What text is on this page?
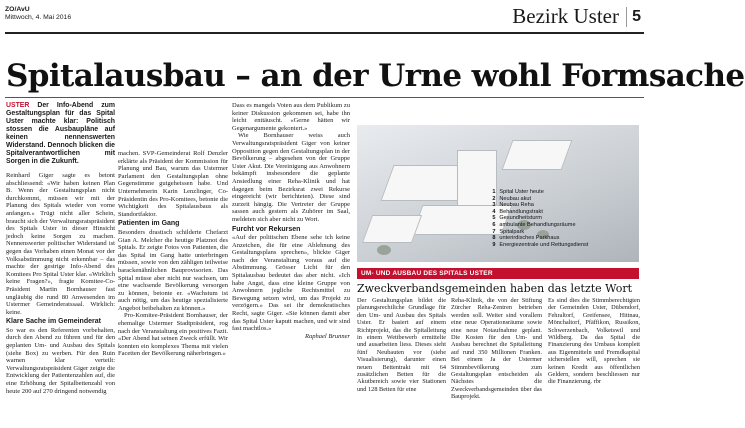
ZO/AvU
Mittwoch, 4. Mai 2016	Bezirk Uster 5
Spitalausbau – an der Urne wohl Formsache

USTER Der Info-Abend zum Gestaltungsplan für das Spital Uster machte klar: Politisch stossen die Ausbaupläne auf keinen nennenswerten Widerstand. Dennoch blicken die Spitalverantwortlichen mit Sorgen in die Zukunft.

Reinhard Giger sagte es betont abschliessend: «Wir haben keinen Plan B. Wenn der Gestaltungsplan nicht durchkommt, müssen wir mit der Planung des Spitals wieder von vorne anfangen.» Trügt nicht aller Schein, braucht sich der Verwaltungsratspräsident des Spitals Uster in dieser Hinsicht jedoch keine Sorgen zu machen. Nennenswerter politischer Widerstand ist gegen das Vorhaben einen Monat vor der Volksabstimmung nicht erkennbar – das machte der gestrige Info-Abend des Komitees Pro Spital Uster klar. «Wirklich keine Fragen?», fragte Komitee-Co-Präsident Martin Bornhauser fast ungläubig die rund 80 Anwesenden im Ustermer Gemeinderatssaal. Wirklich: keine.

Klare Sache im Gemeinderat

So war es den Referenten vorbehalten, durch den Abend zu führen und für den geplanten Um- und Ausbau des Spitals (siehe Box) zu werben. Für den Ruin warnen klar verteilt: Verwaltungsratspräsident Giger zeigte die Entwicklung der Patientenzahlen auf, die eine Erhöhung der Spitalbettenzahl von heute 200 auf 270 dringend notwendig

machen. SVP-Gemeinderat Rolf Denzler erklärte als Präsident der Kommission für Planung und Bau, warum das Ustermer Parlament den Gestaltungsplan ohne Gegenstimme gutgeheissen habe. Und Unternehmerin Karin Lenzlinger, Co-Präsidentin des Pro-Komitees, betonte die Wichtigkeit des Spitalausbaus als Standortfaktor.

Patienten im Gang

Besonders drastisch schilderte Chefarzt Gian A. Melcher die heutige Platznot des Spitals. Er zeigte Fotos von Patienten, die das Spital im Gang hatte unterbringen müssen, sowie von den zähligen teilweise barackenähnlichen Bauprovisorien. Das Spital müsse aber nicht nur wachsen, um eine wachsende Bevölkerung versorgen zu können, betonte er. «Wachstum ist auch nötig, um das heutige spezialisierte Angebot beibehalten zu können.»

Pro-Komitee-Präsident Bornhauser, der ehemalige Ustermer Stadtpräsident, rog nach der Veranstaltung ein positives Fazit. «Der Abend hat seinen Zweck erfüllt. Wir konnten ein komplexes Thema mit vielen Facetten der Bevölkerung näherbringen.»

Dass es mangels Voten aus dem Publikum zu keiner Diskussion gekommen sei, habe ihn leicht enttäuscht. «Gerne hätten wir Gegenargumente gekontert.»

Wie Bornhauser weiss auch Verwaltungsratspräsident Giger von keiner Opposition gegen den Gestaltungsplan in der Bevölkerung – abgesehen von der Gruppe Uster Akut. Die Vereinigung aus Anwohnern bekämpft insbesondere die geplante Ansiedlung einer Reha-Klinik und hat dagegen beim Bezirksrat zwei Rekurse eingereicht (wir berichteten). Diese sind zurzeit hängig. Die Vertreter der Gruppe sassen auch gestern als Zuhörer im Saal, meldeten sich aber nicht zu Wort.

Furcht vor Rekursen

«Auf der politischen Ebene sehe ich keine Anzeichen, die für eine Ablehnung des Gestaltungsplans sprechen», blickte Giger nach der Veranstaltung voraus auf die Abstimmung. Grösser Licht für den Spitalausbau bedeutet das aber nicht. «Ich habe Angst, dass eine kleine Gruppe von Anwohnern jegliche Rechtsmittel zu Bewegung setzen wird, um das Projekt zu verzögern.» Das sei ihr demokratisches Recht, sagte Giger. «Sie können damit aber das Spital Uster kaputt machen, und wir sind fast machtlos.»

Raphael Brunner

1 Spital Uster heute
2 Neubau akut
3 Neubau Reha
4 Behandlungstrakt
5 Gesundheitsturm
6 ambulante Behandlungsräume
7 Spitalpark
8 unterirdisches Parkhaus
9 Energiezentrale und Rettungsdienst
UM- UND AUSBAU DES SPITALS USTER
Zweckverbandsgemeinden haben das letzte Wort
Der Gestaltungsplan bildet die planungsrechtliche Grundlage für den Um- und Ausbau des Spitals Uster. Er basiert auf einem Richtprojekt, das die Spitalleitung in einem Wettbewerb ermittelte und ausarbeiten liess. Dieses sieht fünf Neubauten vor (siehe Visualisierung), darunter einen neuen Bettentrakt mit 64 zusätzlichen Betten für die Akutbereich sowie vier Stationen und 128 Betten für eine
Reha-Klinik, die von der Stiftung Zürcher Reha-Zentren betrieben werden soll. Weiter sind vorallem eine neue Operationsräume sowie eine neue Notaufnahme geplant. Die Kosten für den Um- und Ausbau berechnet die Spitalleitung auf rund 350 Millionen Franken. Bei einem Ja der Ustermer Stimmbevölkerung zum Gestaltungsplan entscheiden als Nächstes die Zweckverbandsgemeinden über das Bauprojekt.
Es sind dies die Stimmberechtigten der Gemeinden Uster, Dübendorf, Fehraltorf, Greifensee, Hittnau, Mönchaltorf, Pfäffikon, Russikon, Schwerzenbach, Volketswil und Wildberg. Da das Spital die Finanzierung des Umbaus komplett aus Eigenmitteln und Fremdkapital sicherstellen will, sprechen sie keinen Kredit aus öffentlichen Geldern, sondern beschliessen nur die Finanzierung. rbr
